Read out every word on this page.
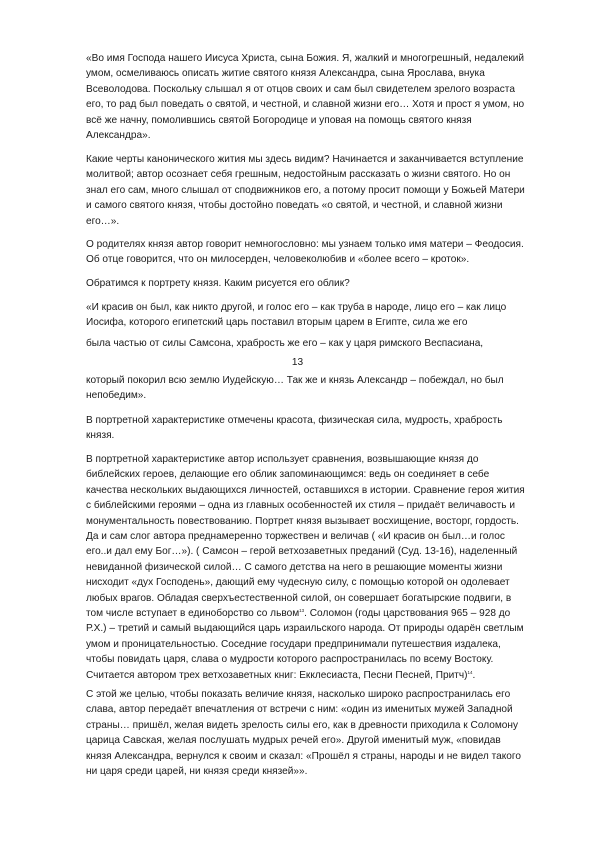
«Во имя Господа нашего Иисуса Христа, сына Божия. Я, жалкий и многогрешный, недалекий
умом, осмеливаюсь описать житие святого князя Александра, сына Ярослава, внука
Всеволодова. Поскольку слышал я от отцов своих и сам был свидетелем зрелого возраста
его, то рад был поведать о святой, и честной, и славной жизни его… Хотя и прост я умом, но
всё же начну, помолившись святой Богородице и уповая на помощь святого князя
Александра».

Какие черты канонического жития мы здесь видим? Начинается и заканчивается вступление
молитвой; автор осознает себя грешным, недостойным рассказать о жизни святого. Но он
знал его сам, много слышал от сподвижников его, а потому просит помощи у Божьей Матери
и самого святого князя, чтобы достойно поведать «о святой, и честной, и славной жизни
его…».

О родителях князя автор говорит немногословно: мы узнаем только имя матери – Феодосия.
Об отце говорится, что он милосерден, человеколюбив и «более всего – кроток».

Обратимся к портрету князя. Каким рисуется его облик?

«И красив он был, как никто другой, и голос его – как труба в народе, лицо его – как лицо
Иосифа, которого египетский царь поставил вторым царем в Египте, сила же его

была частью от силы Самсона, храбрость же его – как у царя римского Веспасиана,

13

который покорил всю землю Иудейскую… Так же и князь Александр – побеждал, но был
непобедим».

В портретной характеристике отмечены красота, физическая сила, мудрость, храбрость
князя.

В портретной характеристике автор использует сравнения, возвышающие князя до
библейских героев, делающие его облик запоминающимся: ведь он соединяет в себе
качества нескольких выдающихся личностей, оставшихся в истории. Сравнение героя жития
с библейскими героями – одна из главных особенностей их стиля – придаёт величавость и
монументальность повествованию. Портрет князя вызывает восхищение, восторг, гордость.
Да и сам слог автора преднамеренно торжествен и величав ( «И красив он был…и голос
его..и дал ему Бог…»). ( Самсон – герой ветхозаветных преданий (Суд. 13-16), наделенный
невиданной физической силой… С самого детства на него в решающие моменты жизни
нисходит «дух Господень», дающий ему чудесную силу, с помощью которой он одолевает
любых врагов. Обладая сверхъестественной силой, он совершает богатырские подвиги, в
том числе вступает в единоборство со львом$^{13}$. Соломон (годы царствования 965 – 928 до
Р.Х.) – третий и самый выдающийся царь израильского народа. От природы одарён светлым
умом и проницательностью. Соседние государи предпринимали путешествия издалека,
чтобы повидать царя, слава о мудрости которого распространилась по всему Востоку.
Считается автором трех ветхозаветных книг: Екклесиаста, Песни Песней, Притч)$^{14}$.

С этой же целью, чтобы показать величие князя, насколько широко распространилась его
слава, автор передаёт впечатления от встречи с ним: «один из именитых мужей Западной
страны… пришёл, желая видеть зрелость силы его, как в древности приходила к Соломону
царица Савская, желая послушать мудрых речей его». Другой именитый муж, «повидав
князя Александра, вернулся к своим и сказал: «Прошёл я страны, народы и не видел такого
ни царя среди царей, ни князя среди князей»».
